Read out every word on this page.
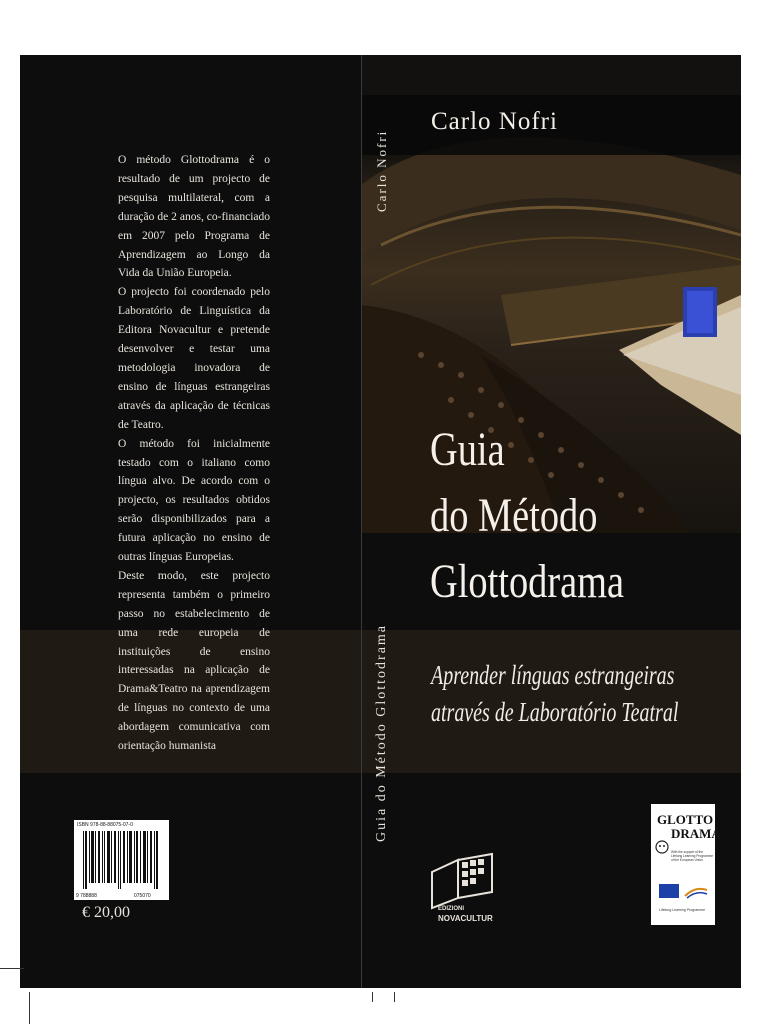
Carlo Nofri
Carlo Nofri
Guia do Método Glottodrama

O método Glottodrama é o resultado de um projecto de pesquisa multilateral, com a duração de 2 anos, co-financiado em 2007 pelo Programa de Aprendizagem ao Longo da Vida da União Europeia.

O projecto foi coordenado pelo Laboratório de Linguística da Editora Novacultur e pretende desenvolver e testar uma metodologia inovadora de ensino de línguas estrangeiras através da aplicação de técnicas de Teatro.

O método foi inicialmente testado com o italiano como língua alvo. De acordo com o projecto, os resultados obtidos serão disponibilizados para a futura aplicação no ensino de outras línguas Europeias.

Deste modo, este projecto representa também o primeiro passo no estabelecimento de uma rede europeia de instituições de ensino interessadas na aplicação de Drama&Teatro na aprendizagem de línguas no contexto de uma abordagem comunicativa com orientação humanista

Guia
do Método
Glottodrama
Aprender línguas estrangeiras
através de Laboratório Teatral
ISBN 978-88-88075-07-0
9 788888	075070
€ 20,00	EDIZIONI
NOVACULTUR
GLOTTO
DRAMA
With the support of the Lifelong Learning Programme of the European Union
Lifelong Learning Programme
